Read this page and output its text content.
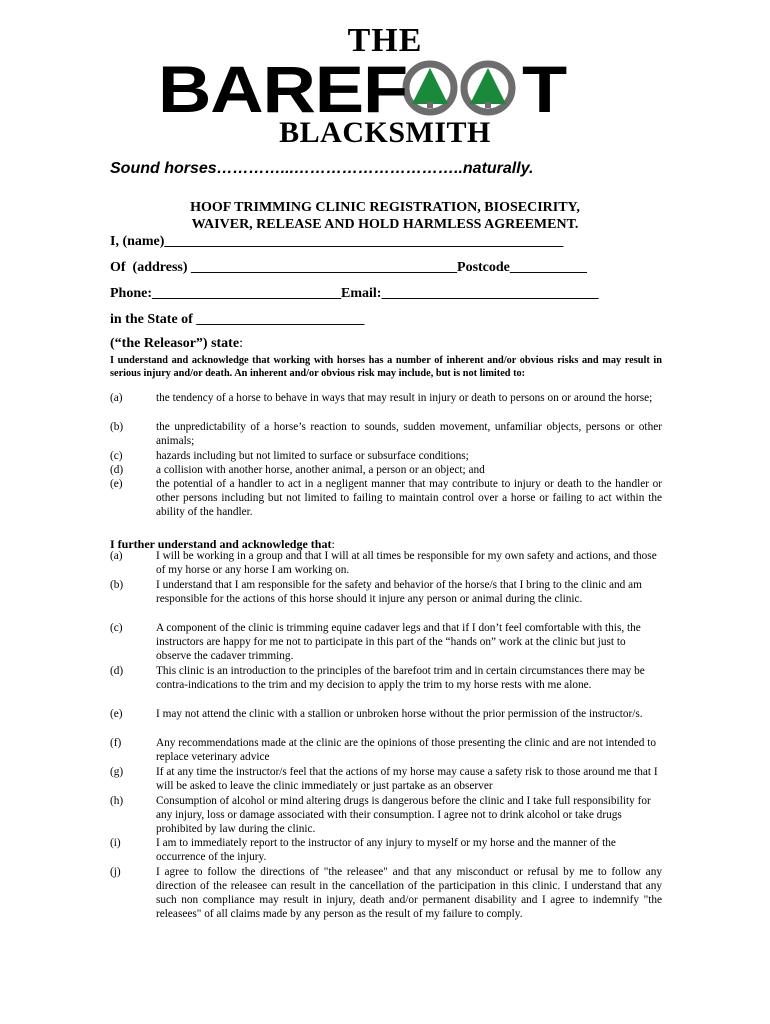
THE
BAREF T
BLACKSMITH
Sound horses…………...…………………………..naturally.
HOOF TRIMMING CLINIC REGISTRATION, BIOSECIRITY,
WAIVER, RELEASE AND HOLD HARMLESS AGREEMENT.
I, (name)_________________________________________________________
Of  (address) ______________________________________Postcode___________
Phone:___________________________Email:_______________________________
in the State of ________________________
(“the Releasor”) state:
I understand and acknowledge that working with horses has a number of inherent and/or obvious risks and may result in serious injury and/or death. An inherent and/or obvious risk may include, but is not limited to:
(a)	the tendency of a horse to behave in ways that may result in injury or death to persons on or around the horse;
(b)	the unpredictability of a horse’s reaction to sounds, sudden movement, unfamiliar objects, persons or other animals;
(c)	hazards including but not limited to surface or subsurface conditions;
(d)	a collision with another horse, another animal, a person or an object; and
(e)	the potential of a handler to act in a negligent manner that may contribute to injury or death to the handler or other persons including but not limited to failing to maintain control over a horse or failing to act within the ability of the handler.
I further understand and acknowledge that:
(a)	I will be working in a group and that I will at all times be responsible for my own safety and actions, and those of my horse or any horse I am working on.
(b)	I understand that I am responsible for the safety and behavior of the horse/s that I bring to the clinic and am responsible for the actions of this horse should it injure any person or animal during the clinic.
(c)	A component of the clinic is trimming equine cadaver legs and that if I don’t feel comfortable with this, the instructors are happy for me not to participate in this part of the “hands on” work at the clinic but just to observe the cadaver trimming.
(d)	This clinic is an introduction to the principles of the barefoot trim and in certain circumstances there may be contra-indications to the trim and my decision to apply the trim to my horse rests with me alone.
(e)	I may not attend the clinic with a stallion or unbroken horse without the prior permission of the instructor/s.
(f)	Any recommendations made at the clinic are the opinions of those presenting the clinic and are not intended to replace veterinary advice
(g)	If at any time the instructor/s feel that the actions of my horse may cause a safety risk to those around me that I will be asked to leave the clinic immediately or just partake as an observer
(h)	Consumption of alcohol or mind altering drugs is dangerous before the clinic and I take full responsibility for any injury, loss or damage associated with their consumption. I agree not to drink alcohol or take drugs prohibited by law during the clinic.
(i)	I am to immediately report to the instructor of any injury to myself or my horse and the manner of the occurrence of the injury.
(j)	I agree to follow the directions of "the releasee" and that any misconduct or refusal by me to follow any direction of the releasee can result in the cancellation of the participation in this clinic. I understand that any such non compliance may result in injury, death and/or permanent disability and I agree to indemnify "the releasees" of all claims made by any person as the result of my failure to comply.
